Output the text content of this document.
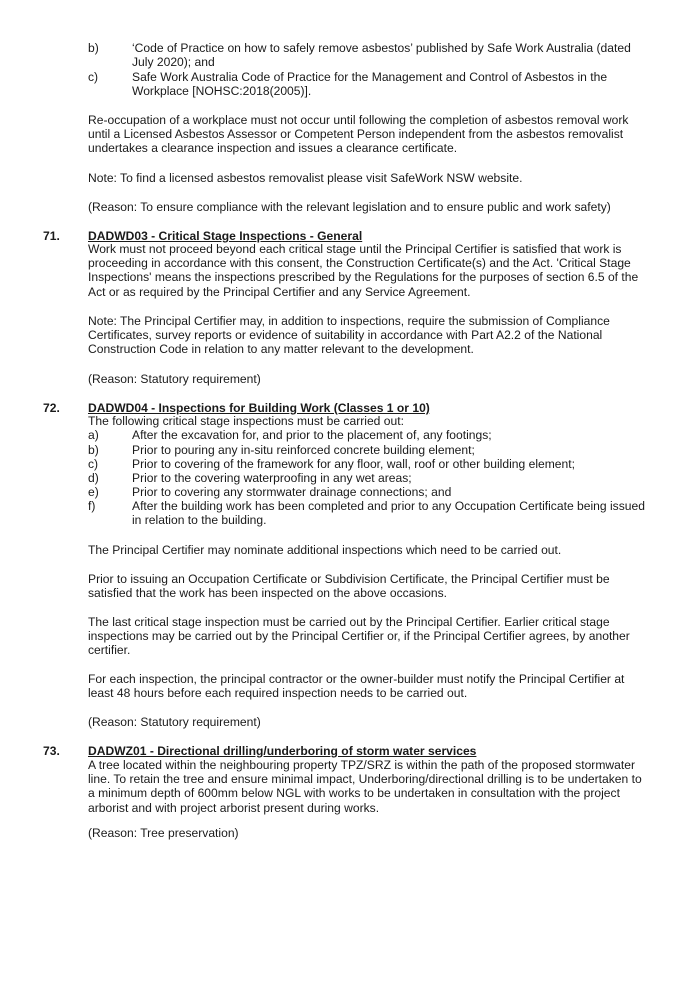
b)	‘Code of Practice on how to safely remove asbestos’ published by Safe Work Australia (dated July 2020); and
c)	Safe Work Australia Code of Practice for the Management and Control of Asbestos in the Workplace [NOHSC:2018(2005)].

Re-occupation of a workplace must not occur until following the completion of asbestos removal work until a Licensed Asbestos Assessor or Competent Person independent from the asbestos removalist undertakes a clearance inspection and issues a clearance certificate.

Note: To find a licensed asbestos removalist please visit SafeWork NSW website.

(Reason: To ensure compliance with the relevant legislation and to ensure public and work safety)

71. DADWD03 - Critical Stage Inspections - General

Work must not proceed beyond each critical stage until the Principal Certifier is satisfied that work is proceeding in accordance with this consent, the Construction Certificate(s) and the Act. 'Critical Stage Inspections' means the inspections prescribed by the Regulations for the purposes of section 6.5 of the Act or as required by the Principal Certifier and any Service Agreement.

Note: The Principal Certifier may, in addition to inspections, require the submission of Compliance Certificates, survey reports or evidence of suitability in accordance with Part A2.2 of the National Construction Code in relation to any matter relevant to the development.

(Reason: Statutory requirement)

72. DADWD04 - Inspections for Building Work (Classes 1 or 10)

The following critical stage inspections must be carried out:

a)	After the excavation for, and prior to the placement of, any footings;
b)	Prior to pouring any in-situ reinforced concrete building element;
c)	Prior to covering of the framework for any floor, wall, roof or other building element;
d)	Prior to the covering waterproofing in any wet areas;
e)	Prior to covering any stormwater drainage connections; and
f)	After the building work has been completed and prior to any Occupation Certificate being issued in relation to the building.

The Principal Certifier may nominate additional inspections which need to be carried out.

Prior to issuing an Occupation Certificate or Subdivision Certificate, the Principal Certifier must be satisfied that the work has been inspected on the above occasions.

The last critical stage inspection must be carried out by the Principal Certifier. Earlier critical stage inspections may be carried out by the Principal Certifier or, if the Principal Certifier agrees, by another certifier.

For each inspection, the principal contractor or the owner-builder must notify the Principal Certifier at least 48 hours before each required inspection needs to be carried out.

(Reason: Statutory requirement)

73. DADWZ01 - Directional drilling/underboring of storm water services

A tree located within the neighbouring property TPZ/SRZ is within the path of the proposed stormwater line. To retain the tree and ensure minimal impact, Underboring/directional drilling is to be undertaken to a minimum depth of 600mm below NGL with works to be undertaken in consultation with the project arborist and with project arborist present during works.

(Reason: Tree preservation)
